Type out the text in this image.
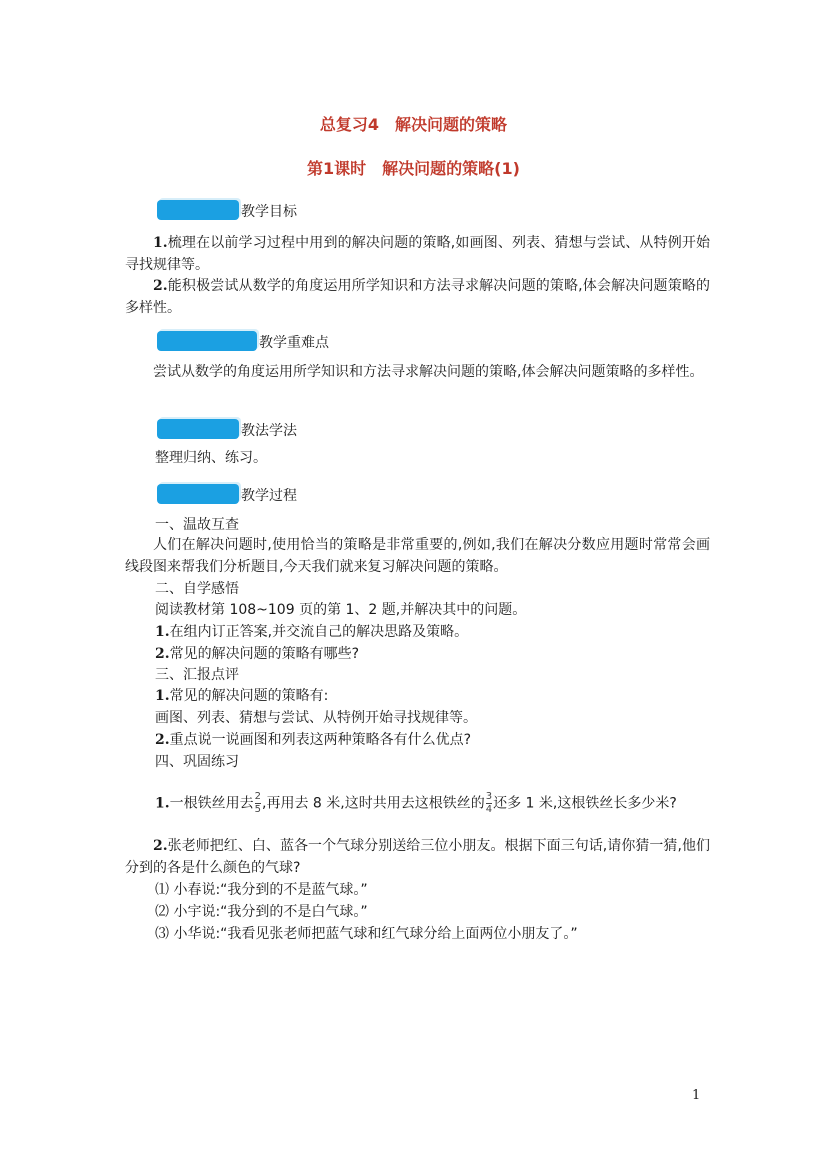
总复习4　解决问题的策略
第1课时　解决问题的策略(1)
教学目标

1.梳理在以前学习过程中用到的解决问题的策略,如画图、列表、猜想与尝试、从特例开始寻找规律等。

2.能积极尝试从数学的角度运用所学知识和方法寻求解决问题的策略,体会解决问题策略的多样性。

教学重难点

尝试从数学的角度运用所学知识和方法寻求解决问题的策略,体会解决问题策略的多样性。

教法学法

整理归纳、练习。

教学过程
一、温故互查

人们在解决问题时,使用恰当的策略是非常重要的,例如,我们在解决分数应用题时常常会画线段图来帮我们分析题目,今天我们就来复习解决问题的策略。

二、自学感悟
阅读教材第 108~109 页的第 1、2 题,并解决其中的问题。
1.在组内订正答案,并交流自己的解决思路及策略。
2.常见的解决问题的策略有哪些?
三、汇报点评
1.常见的解决问题的策略有:
画图、列表、猜想与尝试、从特例开始寻找规律等。
2.重点说一说画图和列表这两种策略各有什么优点?
四、巩固练习
1.一根铁丝用去 $\frac{2}{5}$ ,再用去 8 米,这时共用去这根铁丝的 $\frac{3}{4}$ 还多 1 米,这根铁丝长多少米?

2.张老师把红、白、蓝各一个气球分别送给三位小朋友。根据下面三句话,请你猜一猜,他们分到的各是什么颜色的气球?

⑴ 小春说:“我分到的不是蓝气球。”
⑵ 小宇说:“我分到的不是白气球。”
⑶ 小华说:“我看见张老师把蓝气球和红气球分给上面两位小朋友了。”
1
